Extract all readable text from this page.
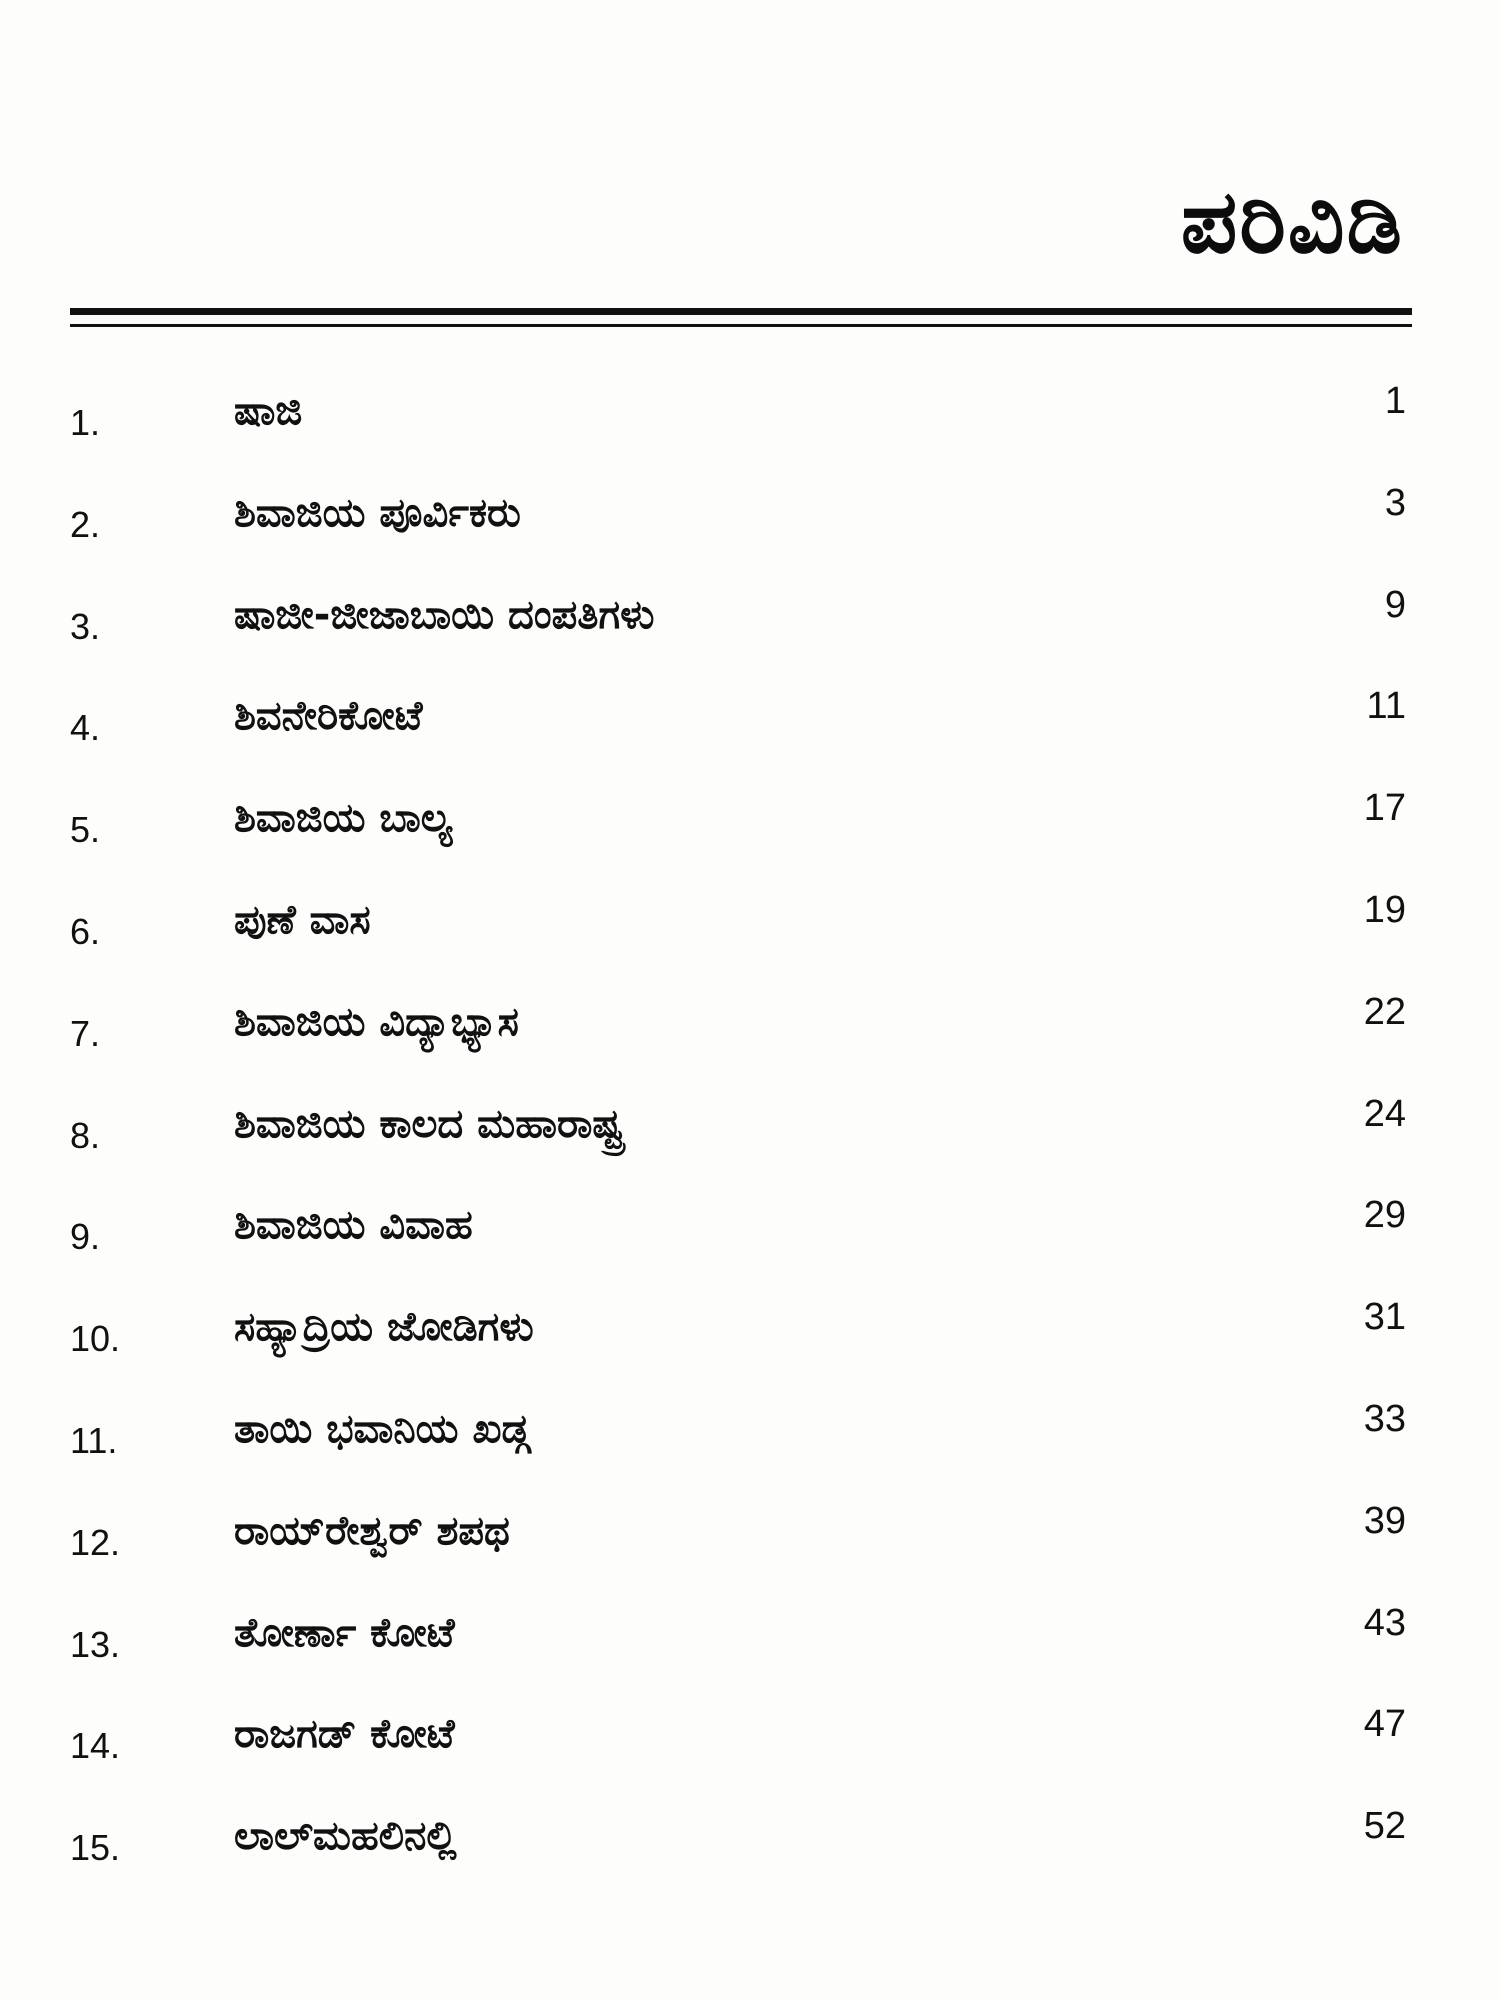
ಪರಿವಿಡಿ
1.	ಷಾಜಿ	1
2.	ಶಿವಾಜಿಯ ಪೂರ್ವಿಕರು	3
3.	ಷಾಜೀ-ಜೀಜಾಬಾಯಿ ದಂಪತಿಗಳು	9
4.	ಶಿವನೇರಿಕೋಟೆ	11
5.	ಶಿವಾಜಿಯ ಬಾಲ್ಯ	17
6.	ಪುಣೆ ವಾಸ	19
7.	ಶಿವಾಜಿಯ ವಿದ್ಯಾಭ್ಯಾಸ	22
8.	ಶಿವಾಜಿಯ ಕಾಲದ ಮಹಾರಾಷ್ಟ್ರ	24
9.	ಶಿವಾಜಿಯ ವಿವಾಹ	29
10.	ಸಹ್ಯಾದ್ರಿಯ ಜೋಡಿಗಳು	31
11.	ತಾಯಿ ಭವಾನಿಯ ಖಡ್ಗ	33
12.	ರಾಯ್‌ರೇಶ್ವರ್ ಶಪಥ	39
13.	ತೋರ್ಣಾ ಕೋಟೆ	43
14.	ರಾಜಗಡ್ ಕೋಟೆ	47
15.	ಲಾಲ್‌ಮಹಲಿನಲ್ಲಿ	52
